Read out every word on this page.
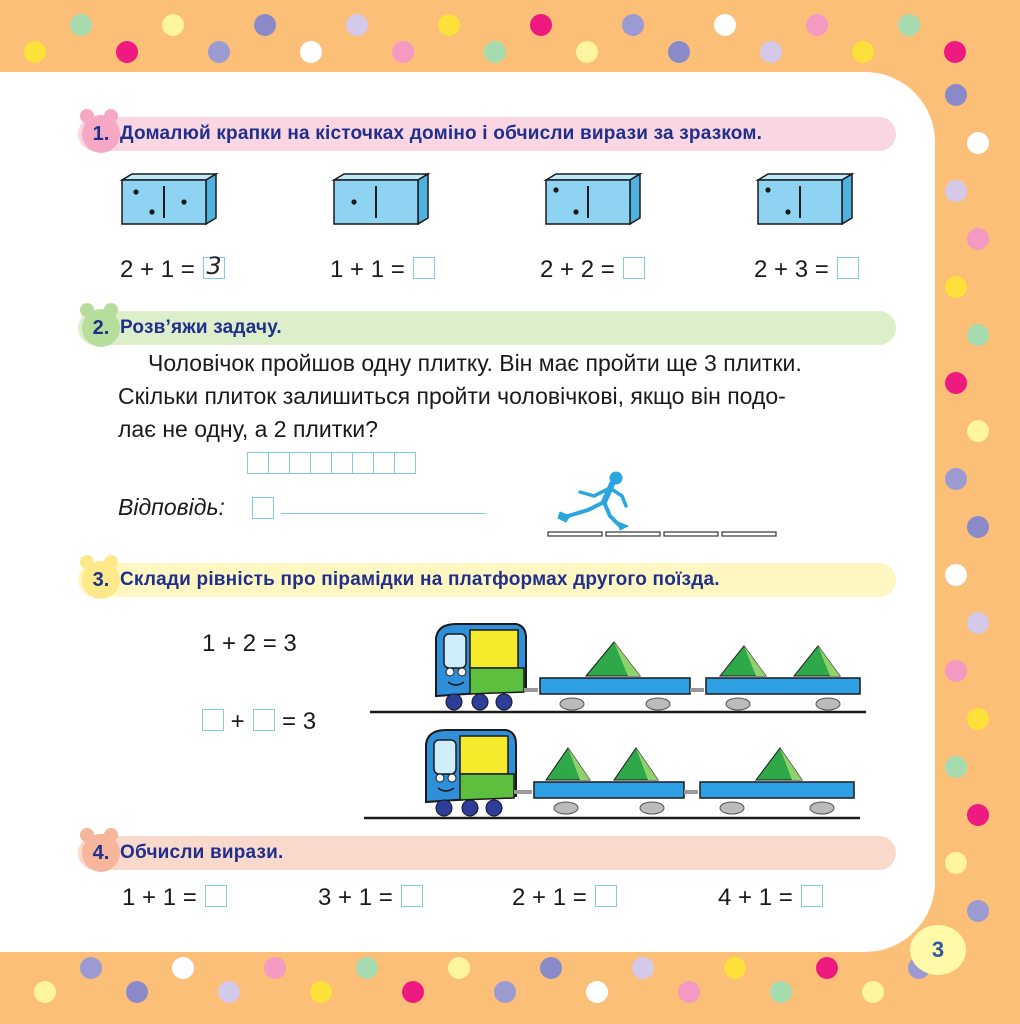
1. Домалюй крапки на кісточках доміно і обчисли вирази за зразком.
2 + 1 = 3	1 + 1 =	2 + 2 =	2 + 3 =
2. Розв’яжи задачу.
Чоловічок пройшов одну плитку. Він має пройти ще 3 плитки.
Скільки плиток залишиться пройти чоловічкові, якщо він подо-
лає не одну, а 2 плитки?
Відповідь:
3. Склади рівність про пірамідки на платформах другого поїзда.
1 + 2 = 3
+ = 3
4. Обчисли вирази.
1 + 1 =	3 + 1 =	2 + 1 =	4 + 1 =
3
